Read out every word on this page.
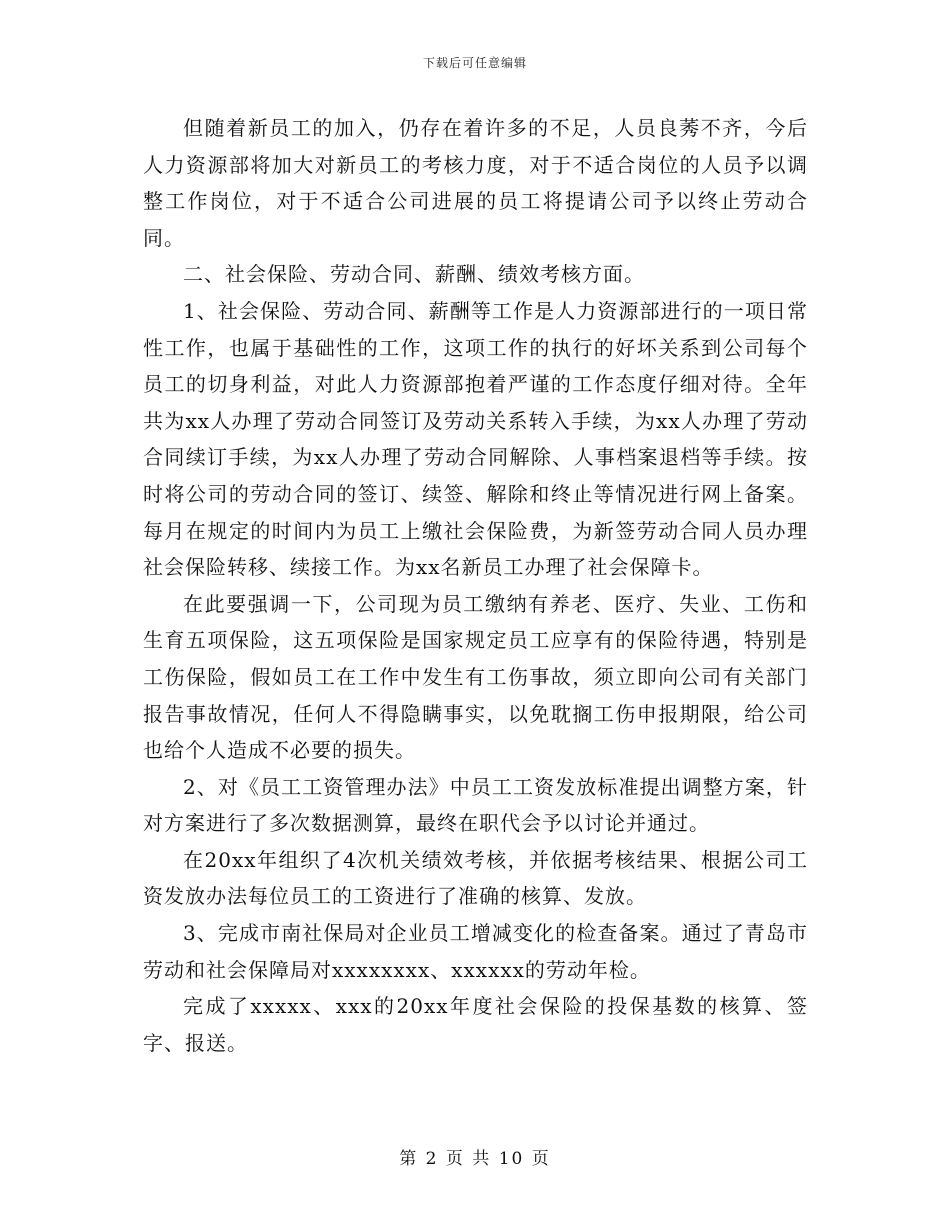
下载后可任意编辑

但随着新员工的加入，仍存在着许多的不足，人员良莠不齐，今后人力资源部将加大对新员工的考核力度，对于不适合岗位的人员予以调整工作岗位，对于不适合公司进展的员工将提请公司予以终止劳动合同。

二、社会保险、劳动合同、薪酬、绩效考核方面。

1、社会保险、劳动合同、薪酬等工作是人力资源部进行的一项日常性工作，也属于基础性的工作，这项工作的执行的好坏关系到公司每个员工的切身利益，对此人力资源部抱着严谨的工作态度仔细对待。全年共为xx人办理了劳动合同签订及劳动关系转入手续，为xx人办理了劳动合同续订手续，为xx人办理了劳动合同解除、人事档案退档等手续。按时将公司的劳动合同的签订、续签、解除和终止等情况进行网上备案。每月在规定的时间内为员工上缴社会保险费，为新签劳动合同人员办理社会保险转移、续接工作。为xx名新员工办理了社会保障卡。

在此要强调一下，公司现为员工缴纳有养老、医疗、失业、工伤和生育五项保险，这五项保险是国家规定员工应享有的保险待遇，特别是工伤保险，假如员工在工作中发生有工伤事故，须立即向公司有关部门报告事故情况，任何人不得隐瞒事实，以免耽搁工伤申报期限，给公司也给个人造成不必要的损失。

2、对《员工工资管理办法》中员工工资发放标准提出调整方案，针对方案进行了多次数据测算，最终在职代会予以讨论并通过。

在20xx年组织了4次机关绩效考核，并依据考核结果、根据公司工资发放办法每位员工的工资进行了准确的核算、发放。

3、完成市南社保局对企业员工增减变化的检查备案。通过了青岛市劳动和社会保障局对xxxxxxxx、xxxxxx的劳动年检。

完成了xxxxx、xxx的20xx年度社会保险的投保基数的核算、签字、报送。

第 2 页 共 10 页
